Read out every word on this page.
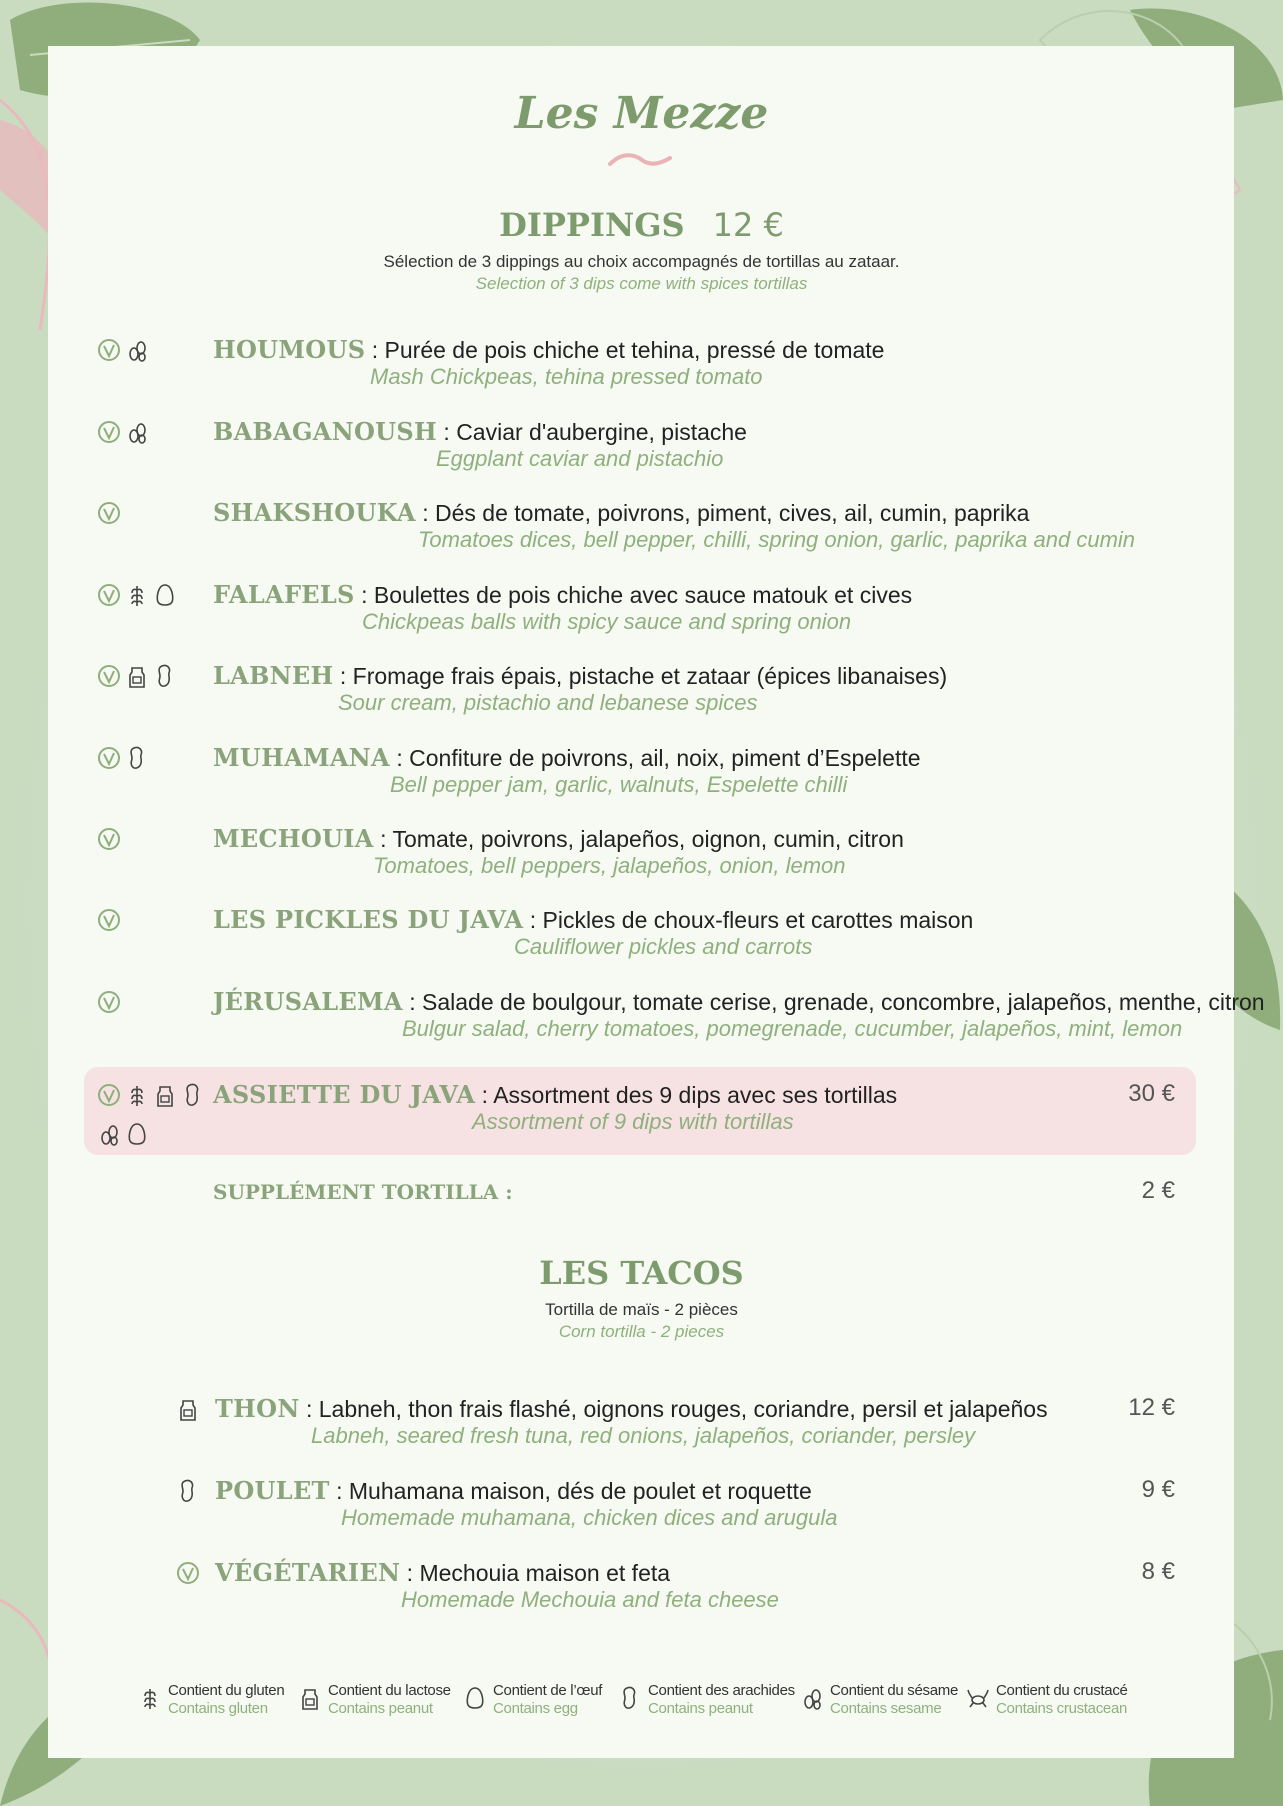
Les Mezze
DIPPINGS 12 €
Sélection de 3 dippings au choix accompagnés de tortillas au zataar.
Selection of 3 dips come with spices tortillas
HOUMOUS : Purée de pois chiche et tehina, pressé de tomate
Mash Chickpeas, tehina pressed tomato
BABAGANOUSH : Caviar d'aubergine, pistache
Eggplant caviar and pistachio
SHAKSHOUKA : Dés de tomate, poivrons, piment, cives, ail, cumin, paprika
Tomatoes dices, bell pepper, chilli, spring onion, garlic, paprika and cumin
FALAFELS : Boulettes de pois chiche avec sauce matouk et cives
Chickpeas balls with spicy sauce and spring onion
LABNEH : Fromage frais épais, pistache et zataar (épices libanaises)
Sour cream, pistachio and lebanese spices
MUHAMANA : Confiture de poivrons, ail, noix, piment d’Espelette
Bell pepper jam, garlic, walnuts, Espelette chilli
MECHOUIA : Tomate, poivrons, jalapeños, oignon, cumin, citron
Tomatoes, bell peppers, jalapeños, onion, lemon
LES PICKLES DU JAVA : Pickles de choux-fleurs et carottes maison
Cauliflower pickles and carrots
JÉRUSALEMA : Salade de boulgour, tomate cerise, grenade, concombre, jalapeños, menthe, citron
Bulgur salad, cherry tomatoes, pomegrenade, cucumber, jalapeños, mint, lemon
ASSIETTE DU JAVA : Assortment des 9 dips avec ses tortillas
Assortment of 9 dips with tortillas
30 €
SUPPLÉMENT TORTILLA :	2 €
LES TACOS
Tortilla de maïs - 2 pièces
Corn tortilla - 2 pieces
THON : Labneh, thon frais flashé, oignons rouges, coriandre, persil et jalapeños
Labneh, seared fresh tuna, red onions, jalapeños, coriander, persley
12 €
POULET : Muhamana maison, dés de poulet et roquette
Homemade muhamana, chicken dices and arugula
9 €
VÉGÉTARIEN : Mechouia maison et feta
Homemade Mechouia and feta cheese
8 €
Contient du gluten
Contains gluten
Contient du lactose
Contains peanut
Contient de l’œuf
Contains egg
Contient des arachides
Contains peanut
Contient du sésame
Contains sesame
Contient du crustacé
Contains crustacean
